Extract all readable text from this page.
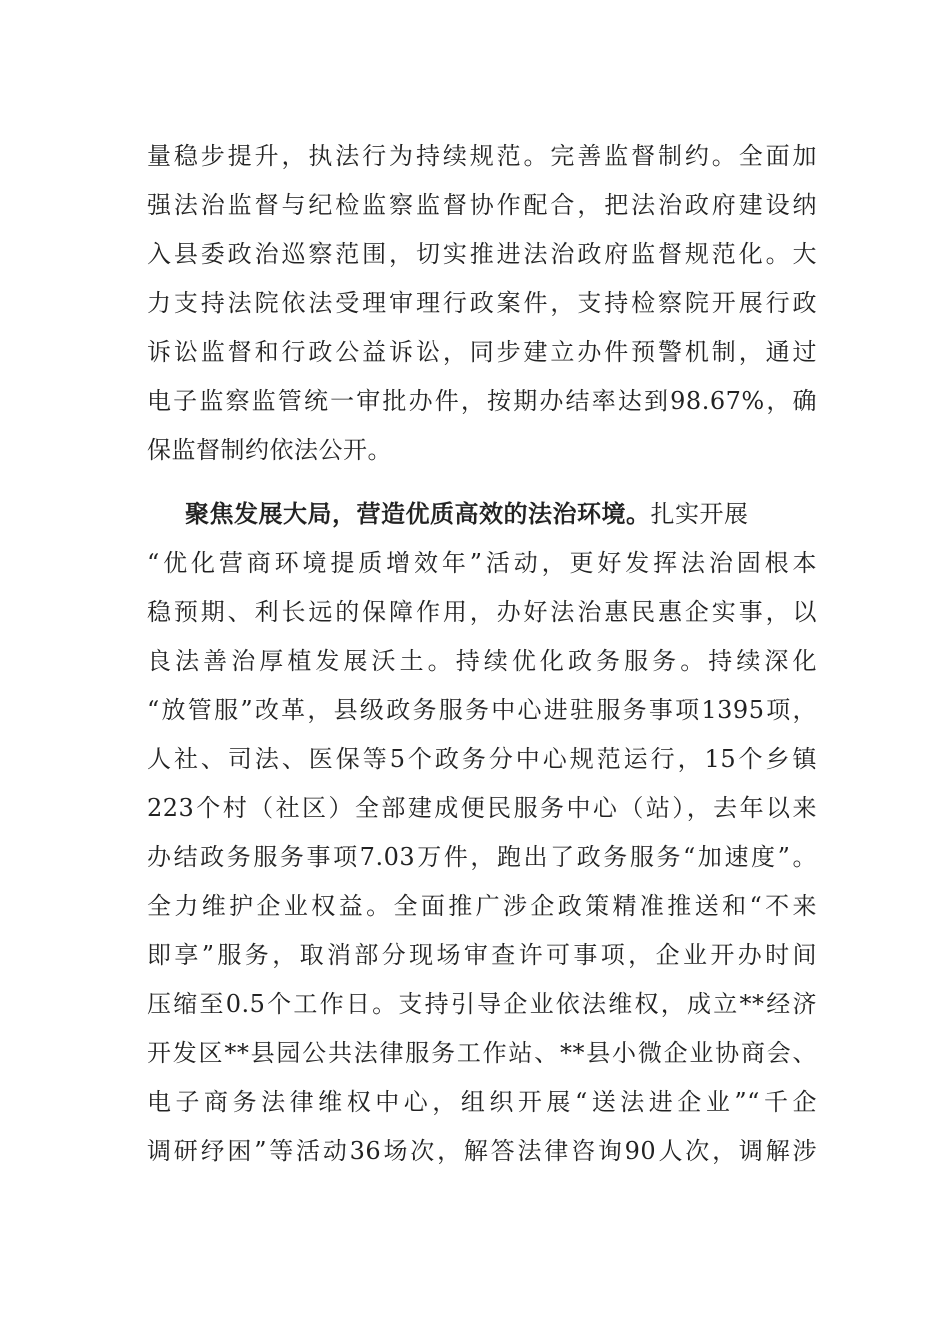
量稳步提升，执法行为持续规范。完善监督制约。全面加
强法治监督与纪检监察监督协作配合，把法治政府建设纳
入县委政治巡察范围，切实推进法治政府监督规范化。大
力支持法院依法受理审理行政案件，支持检察院开展行政
诉讼监督和行政公益诉讼，同步建立办件预警机制，通过
电子监察监管统一审批办件，按期办结率达到98.67%，确
保监督制约依法公开。
聚焦发展大局，营造优质高效的法治环境。扎实开展
“优化营商环境提质增效年”活动，更好发挥法治固根本
稳预期、利长远的保障作用，办好法治惠民惠企实事，以
良法善治厚植发展沃土。持续优化政务服务。持续深化
“放管服”改革，县级政务服务中心进驻服务事项1395项，
人社、司法、医保等5个政务分中心规范运行，15个乡镇
223个村（社区）全部建成便民服务中心（站），去年以来
办结政务服务事项7.03万件，跑出了政务服务“加速度”。
全力维护企业权益。全面推广涉企政策精准推送和“不来
即享”服务，取消部分现场审查许可事项，企业开办时间
压缩至0.5个工作日。支持引导企业依法维权，成立**经济
开发区**县园公共法律服务工作站、**县小微企业协商会、
电子商务法律维权中心，组织开展“送法进企业”“千企
调研纾困”等活动36场次，解答法律咨询90人次，调解涉
